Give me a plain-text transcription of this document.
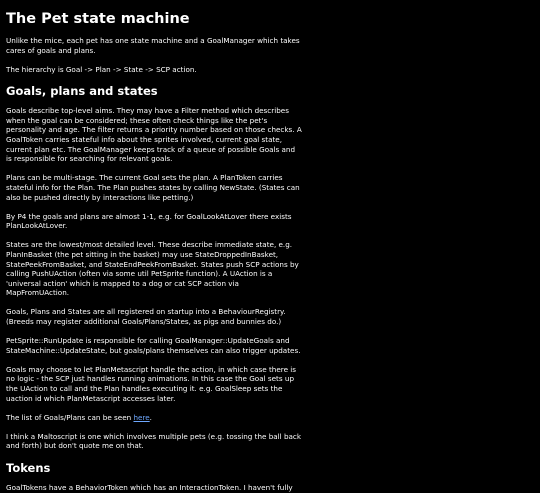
The Pet state machine

Unlike the mice, each pet has one state machine and a GoalManager which takes cares of goals and plans.

The hierarchy is Goal -> Plan -> State -> SCP action.

Goals, plans and states

Goals describe top-level aims. They may have a Filter method which describes when the goal can be considered; these often check things like the pet's personality and age. The filter returns a priority number based on those checks. A GoalToken carries stateful info about the sprites involved, current goal state, current plan etc. The GoalManager keeps track of a queue of possible Goals and is responsible for searching for relevant goals.

Plans can be multi-stage. The current Goal sets the plan. A PlanToken carries stateful info for the Plan. The Plan pushes states by calling NewState. (States can also be pushed directly by interactions like petting.)

By P4 the goals and plans are almost 1-1, e.g. for GoalLookAtLover there exists PlanLookAtLover.

States are the lowest/most detailed level. These describe immediate state, e.g. PlanInBasket (the pet sitting in the basket) may use StateDroppedInBasket, StatePeekFromBasket, and StateEndPeekFromBasket. States push SCP actions by calling PushUAction (often via some util PetSprite function). A UAction is a 'universal action' which is mapped to a dog or cat SCP action via MapFromUAction.

Goals, Plans and States are all registered on startup into a BehaviourRegistry. (Breeds may register additional Goals/Plans/States, as pigs and bunnies do.)

PetSprite::RunUpdate is responsible for calling GoalManager::UpdateGoals and StateMachine::UpdateState, but goals/plans themselves can also trigger updates.

Goals may choose to let PlanMetascript handle the action, in which case there is no logic - the SCP just handles running animations. In this case the Goal sets up the UAction to call and the Plan handles executing it. e.g. GoalSleep sets the uaction id which PlanMetascript accesses later.

The list of Goals/Plans can be seen here.

I think a Maltoscript is one which involves multiple pets (e.g. tossing the ball back and forth) but don't quote me on that.

Tokens

GoalTokens have a BehaviorToken which has an InteractionToken. I haven't fully
